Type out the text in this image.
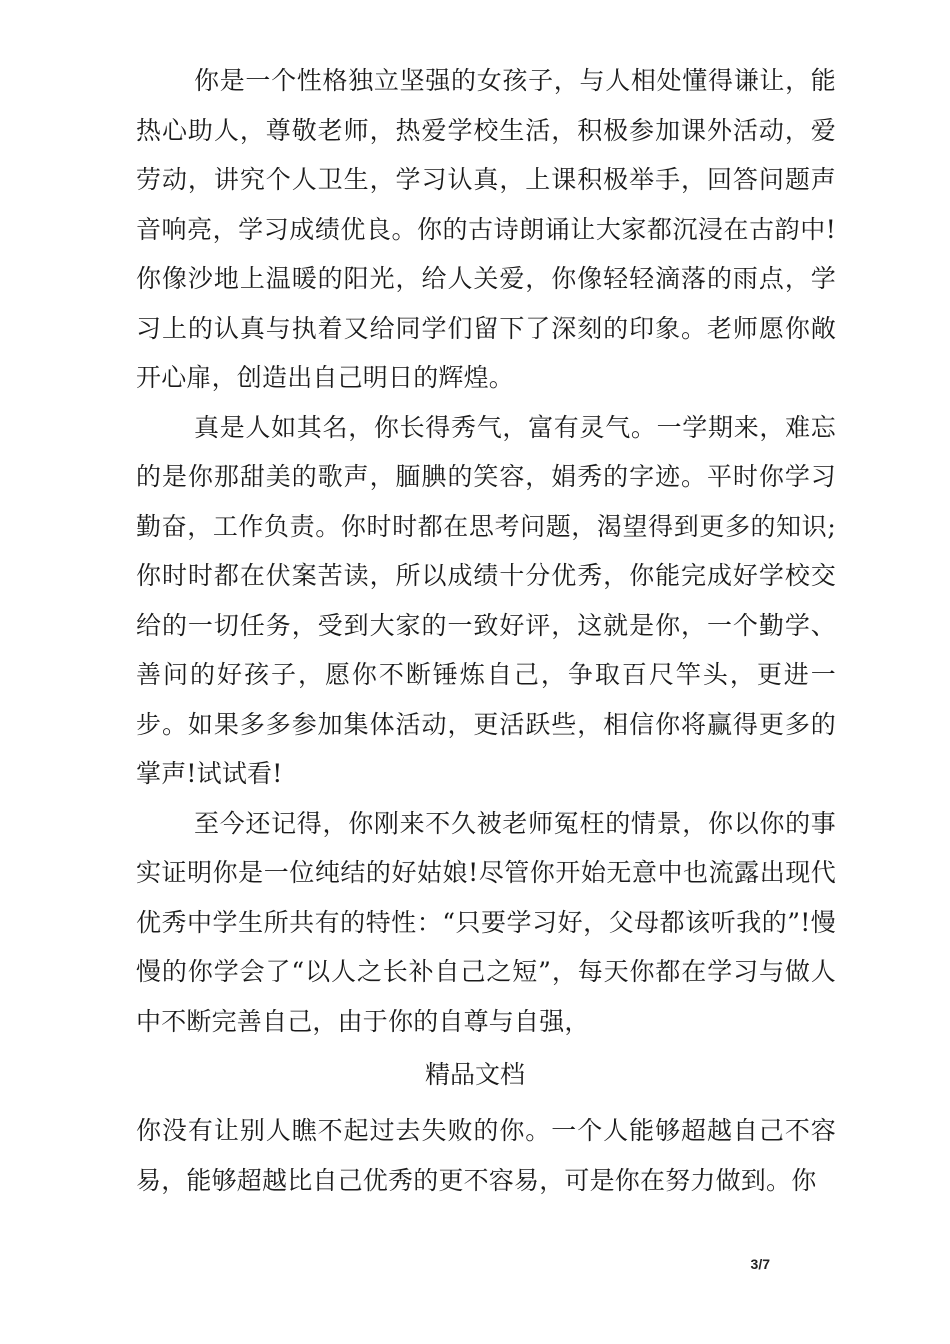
你是一个性格独立坚强的女孩子，与人相处懂得谦让，能热心助人，尊敬老师，热爱学校生活，积极参加课外活动，爱劳动，讲究个人卫生，学习认真，上课积极举手，回答问题声音响亮，学习成绩优良。你的古诗朗诵让大家都沉浸在古韵中!你像沙地上温暖的阳光，给人关爱，你像轻轻滴落的雨点，学习上的认真与执着又给同学们留下了深刻的印象。老师愿你敞开心扉，创造出自己明日的辉煌。

真是人如其名，你长得秀气，富有灵气。一学期来，难忘的是你那甜美的歌声，腼腆的笑容，娟秀的字迹。平时你学习勤奋，工作负责。你时时都在思考问题，渴望得到更多的知识;你时时都在伏案苦读，所以成绩十分优秀，你能完成好学校交给的一切任务，受到大家的一致好评，这就是你，一个勤学、善问的好孩子，愿你不断锤炼自己，争取百尺竿头，更进一步。如果多多参加集体活动，更活跃些，相信你将赢得更多的掌声!试试看!

至今还记得，你刚来不久被老师冤枉的情景，你以你的事实证明你是一位纯结的好姑娘!尽管你开始无意中也流露出现代优秀中学生所共有的特性：“只要学习好，父母都该听我的”!慢慢的你学会了“以人之长补自己之短”，每天你都在学习与做人中不断完善自己，由于你的自尊与自强，

精品文档

你没有让别人瞧不起过去失败的你。一个人能够超越自己不容易，能够超越比自己优秀的更不容易，可是你在努力做到。你

3/7
